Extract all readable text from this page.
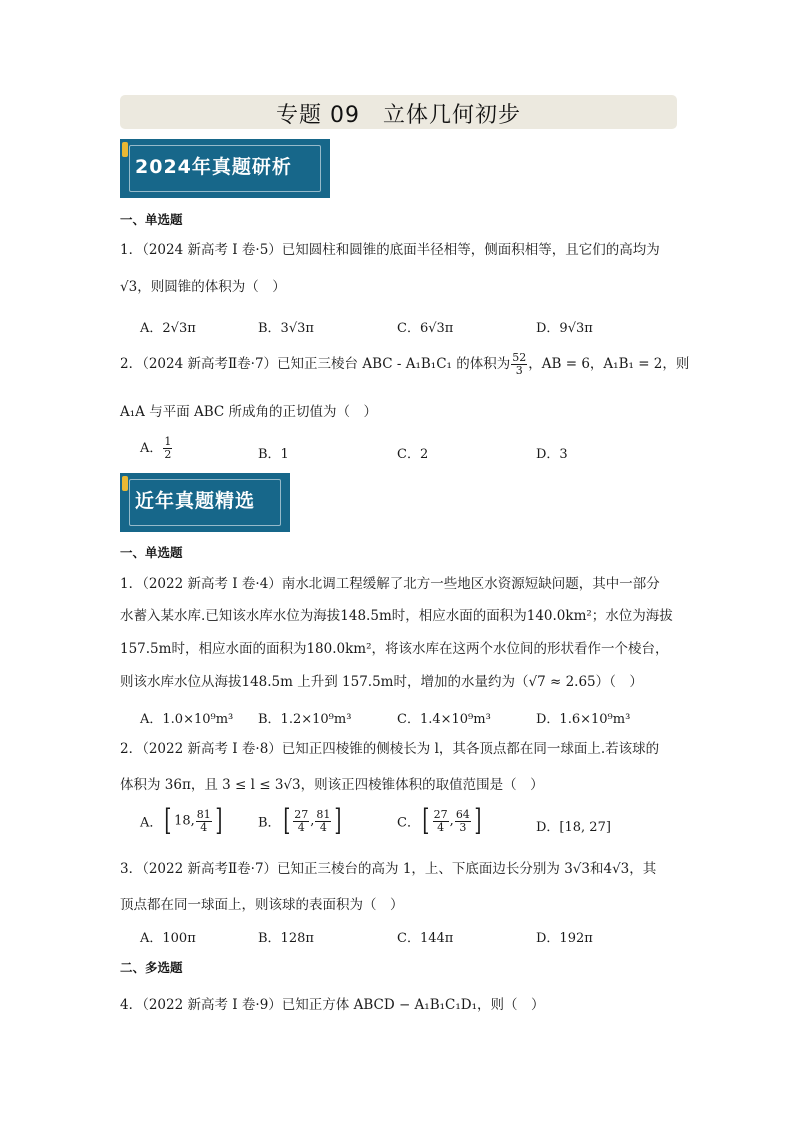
专题 09　立体几何初步
2024年真题研析
一、单选题
1．（2024 新高考 I 卷·5）已知圆柱和圆锥的底面半径相等，侧面积相等，且它们的高均为
√3，则圆锥的体积为（　）
A．2√3π	B．3√3π	C．6√3π	D．9√3π
2．（2024 新高考Ⅱ卷·7）已知正三棱台 ABC - A₁B₁C₁ 的体积为 $\frac{52}{3}$ ，AB = 6，A₁B₁ = 2，则
A₁A 与平面 ABC 所成角的正切值为（　）
A． $\frac{1}{2}$	B．1	C．2	D．3
近年真题精选
一、单选题
1．（2022 新高考 I 卷·4）南水北调工程缓解了北方一些地区水资源短缺问题，其中一部分
水蓄入某水库.已知该水库水位为海拔148.5m时，相应水面的面积为140.0km²；水位为海拔
157.5m时，相应水面的面积为180.0km²，将该水库在这两个水位间的形状看作一个棱台，
则该水库水位从海拔148.5m 上升到 157.5m时，增加的水量约为（√7 ≈ 2.65）（　）
A．1.0×10⁹m³ B．1.2×10⁹m³	C．1.4×10⁹m³	D．1.6×10⁹m³
2．（2022 新高考 I 卷·8）已知正四棱锥的侧棱长为 l，其各顶点都在同一球面上.若该球的
体积为 36π，且 3 ≤ l ≤ 3√3，则该正四棱锥体积的取值范围是（　）
A．[ 18, $\frac{81}{4}$ ]	B．[ $\frac{27}{4}$ , $\frac{81}{4}$ ]	C．[ $\frac{27}{4}$ , $\frac{64}{3}$ ]	D．[18, 27]
3．（2022 新高考Ⅱ卷·7）已知正三棱台的高为 1，上、下底面边长分别为 3√3和4√3，其
顶点都在同一球面上，则该球的表面积为（　）
A．100π	B．128π	C．144π	D．192π
二、多选题
4．（2022 新高考 I 卷·9）已知正方体 ABCD − A₁B₁C₁D₁，则（　）
